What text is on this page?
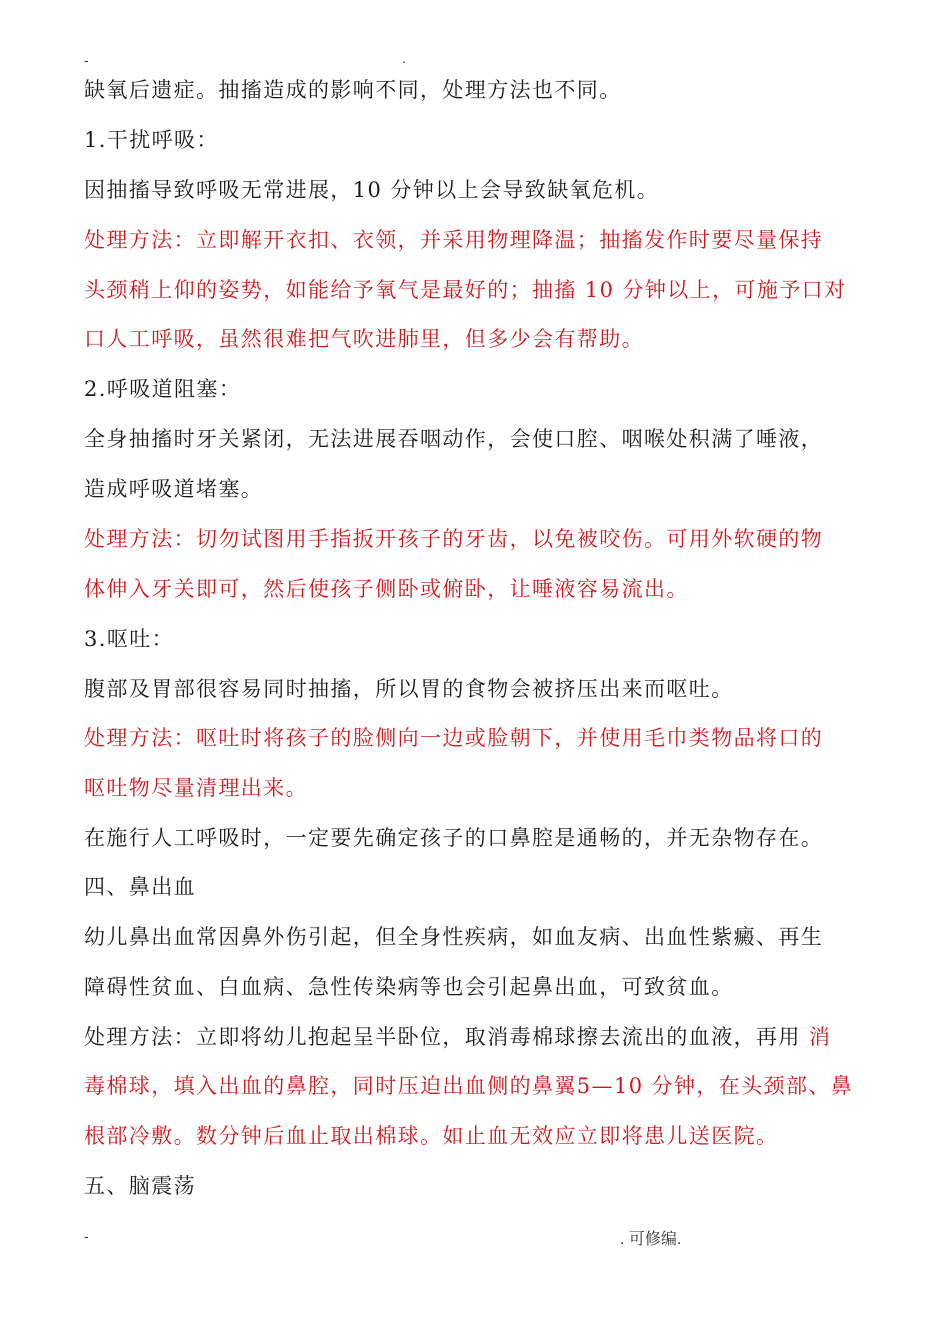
-	.
缺氧后遗症。抽搐造成的影响不同，处理方法也不同。
1.干扰呼吸：
因抽搐导致呼吸无常进展，10 分钟以上会导致缺氧危机。
处理方法：立即解开衣扣、衣领，并采用物理降温；抽搐发作时要尽量保持
头颈稍上仰的姿势，如能给予氧气是最好的；抽搐 10 分钟以上，可施予口对
口人工呼吸，虽然很难把气吹进肺里，但多少会有帮助。
2.呼吸道阻塞：
全身抽搐时牙关紧闭，无法进展吞咽动作，会使口腔、咽喉处积满了唾液，
造成呼吸道堵塞。
处理方法：切勿试图用手指扳开孩子的牙齿，以免被咬伤。可用外软硬的物
体伸入牙关即可，然后使孩子侧卧或俯卧，让唾液容易流出。
3.呕吐：
腹部及胃部很容易同时抽搐，所以胃的食物会被挤压出来而呕吐。
处理方法：呕吐时将孩子的脸侧向一边或脸朝下，并使用毛巾类物品将口的
呕吐物尽量清理出来。
在施行人工呼吸时，一定要先确定孩子的口鼻腔是通畅的，并无杂物存在。
四、鼻出血
幼儿鼻出血常因鼻外伤引起，但全身性疾病，如血友病、出血性紫癜、再生
障碍性贫血、白血病、急性传染病等也会引起鼻出血，可致贫血。
处理方法：立即将幼儿抱起呈半卧位，取消毒棉球擦去流出的血液，再用 消
毒棉球，填入出血的鼻腔，同时压迫出血侧的鼻翼5—10 分钟，在头颈部、鼻
根部冷敷。数分钟后血止取出棉球。如止血无效应立即将患儿送医院。
五、脑震荡
-	. 可修编.
